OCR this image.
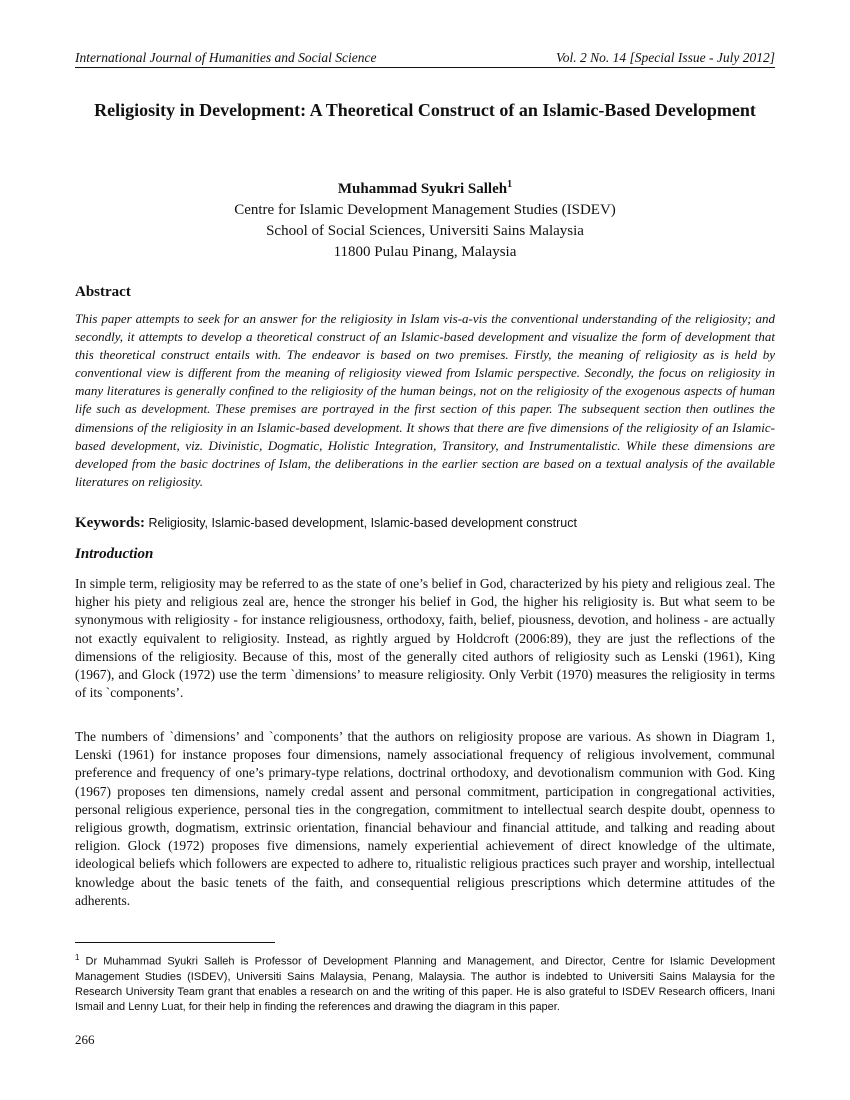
International Journal of Humanities and Social Science	Vol. 2 No. 14 [Special Issue - July 2012]
Religiosity in Development: A Theoretical Construct of an Islamic-Based Development
Muhammad Syukri Salleh$^1$
Centre for Islamic Development Management Studies (ISDEV)
School of Social Sciences, Universiti Sains Malaysia
11800 Pulau Pinang, Malaysia
Abstract
This paper attempts to seek for an answer for the religiosity in Islam vis-a-vis the conventional understanding of the religiosity; and secondly, it attempts to develop a theoretical construct of an Islamic-based development and visualize the form of development that this theoretical construct entails with. The endeavor is based on two premises. Firstly, the meaning of religiosity as is held by conventional view is different from the meaning of religiosity viewed from Islamic perspective. Secondly, the focus on religiosity in many literatures is generally confined to the religiosity of the human beings, not on the religiosity of the exogenous aspects of human life such as development. These premises are portrayed in the first section of this paper. The subsequent section then outlines the dimensions of the religiosity in an Islamic-based development. It shows that there are five dimensions of the religiosity of an Islamic-based development, viz. Divinistic, Dogmatic, Holistic Integration, Transitory, and Instrumentalistic. While these dimensions are developed from the basic doctrines of Islam, the deliberations in the earlier section are based on a textual analysis of the available literatures on religiosity.
Keywords: Religiosity, Islamic-based development, Islamic-based development construct
Introduction
In simple term, religiosity may be referred to as the state of one’s belief in God, characterized by his piety and religious zeal. The higher his piety and religious zeal are, hence the stronger his belief in God, the higher his religiosity is. But what seem to be synonymous with religiosity - for instance religiousness, orthodoxy, faith, belief, piousness, devotion, and holiness - are actually not exactly equivalent to religiosity. Instead, as rightly argued by Holdcroft (2006:89), they are just the reflections of the dimensions of the religiosity. Because of this, most of the generally cited authors of religiosity such as Lenski (1961), King (1967), and Glock (1972) use the term `dimensions’ to measure religiosity. Only Verbit (1970) measures the religiosity in terms of its `components’.
The numbers of `dimensions’ and `components’ that the authors on religiosity propose are various. As shown in Diagram 1, Lenski (1961) for instance proposes four dimensions, namely associational frequency of religious involvement, communal preference and frequency of one’s primary-type relations, doctrinal orthodoxy, and devotionalism communion with God. King (1967) proposes ten dimensions, namely credal assent and personal commitment, participation in congregational activities, personal religious experience, personal ties in the congregation, commitment to intellectual search despite doubt, openness to religious growth, dogmatism, extrinsic orientation, financial behaviour and financial attitude, and talking and reading about religion. Glock (1972) proposes five dimensions, namely experiential achievement of direct knowledge of the ultimate, ideological beliefs which followers are expected to adhere to, ritualistic religious practices such prayer and worship, intellectual knowledge about the basic tenets of the faith, and consequential religious prescriptions which determine attitudes of the adherents.
$^1$ Dr Muhammad Syukri Salleh is Professor of Development Planning and Management, and Director, Centre for Islamic Development Management Studies (ISDEV), Universiti Sains Malaysia, Penang, Malaysia. The author is indebted to Universiti Sains Malaysia for the Research University Team grant that enables a research on and the writing of this paper. He is also grateful to ISDEV Research officers, Inani Ismail and Lenny Luat, for their help in finding the references and drawing the diagram in this paper.
266
